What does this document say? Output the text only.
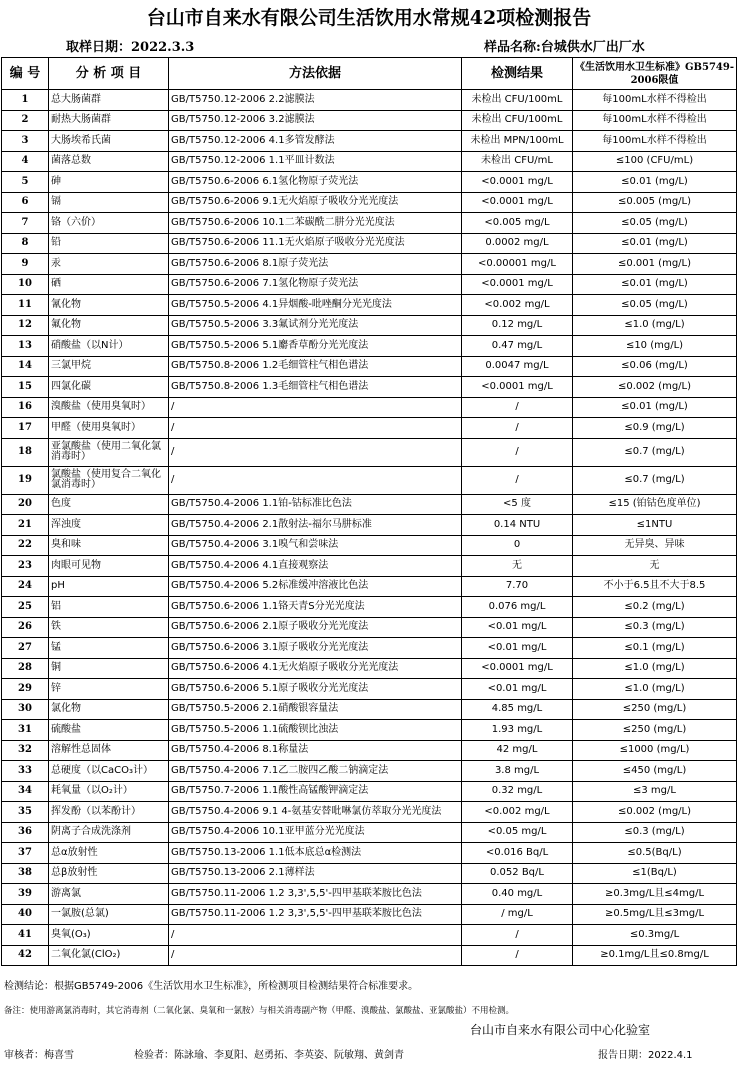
台山市自来水有限公司生活饮用水常规42项检测报告
取样日期：2022.3.3	样品名称:台城供水厂出厂水
编 号	分 析 项 目	方法依据	检测结果	《生活饮用水卫生标准》GB5749-2006限值
1	总大肠菌群	GB/T5750.12-2006 2.2滤膜法	未检出 CFU/100mL	每100mL水样不得检出
2	耐热大肠菌群	GB/T5750.12-2006 3.2滤膜法	未检出 CFU/100mL	每100mL水样不得检出
3	大肠埃希氏菌	GB/T5750.12-2006 4.1多管发酵法	未检出 MPN/100mL	每100mL水样不得检出
4	菌落总数	GB/T5750.12-2006 1.1平皿计数法	未检出 CFU/mL	≤100 (CFU/mL)
5	砷	GB/T5750.6-2006 6.1氢化物原子荧光法	<0.0001 mg/L	≤0.01 (mg/L)
6	镉	GB/T5750.6-2006 9.1无火焰原子吸收分光光度法	<0.0001 mg/L	≤0.005 (mg/L)
7	铬（六价）	GB/T5750.6-2006 10.1二苯碳酰二肼分光光度法	<0.005 mg/L	≤0.05 (mg/L)
8	铅	GB/T5750.6-2006 11.1无火焰原子吸收分光光度法	0.0002 mg/L	≤0.01 (mg/L)
9	汞	GB/T5750.6-2006 8.1原子荧光法	<0.00001 mg/L	≤0.001 (mg/L)
10	硒	GB/T5750.6-2006 7.1氢化物原子荧光法	<0.0001 mg/L	≤0.01 (mg/L)
11	氰化物	GB/T5750.5-2006 4.1异烟酸-吡唑酮分光光度法	<0.002 mg/L	≤0.05 (mg/L)
12	氟化物	GB/T5750.5-2006 3.3氟试剂分光光度法	0.12 mg/L	≤1.0 (mg/L)
13	硝酸盐（以N计）	GB/T5750.5-2006 5.1麝香草酚分光光度法	0.47 mg/L	≤10 (mg/L)
14	三氯甲烷	GB/T5750.8-2006 1.2毛细管柱气相色谱法	0.0047 mg/L	≤0.06 (mg/L)
15	四氯化碳	GB/T5750.8-2006 1.3毛细管柱气相色谱法	<0.0001 mg/L	≤0.002 (mg/L)
16	溴酸盐（使用臭氧时）	/	/	≤0.01 (mg/L)
17	甲醛（使用臭氧时）	/	/	≤0.9 (mg/L)
18	亚氯酸盐（使用二氧化氯消毒时）	/	/	≤0.7 (mg/L)
19	氯酸盐（使用复合二氧化氯消毒时）	/	/	≤0.7 (mg/L)
20	色度	GB/T5750.4-2006 1.1铂-钴标准比色法	<5 度	≤15 (铂钴色度单位)
21	浑浊度	GB/T5750.4-2006 2.1散射法-福尔马肼标准	0.14 NTU	≤1NTU
22	臭和味	GB/T5750.4-2006 3.1嗅气和尝味法	0	无异臭、异味
23	肉眼可见物	GB/T5750.4-2006 4.1直接观察法	无	无
24	pH	GB/T5750.4-2006 5.2标准缓冲溶液比色法	7.70	不小于6.5且不大于8.5
25	铝	GB/T5750.6-2006 1.1铬天青S分光光度法	0.076 mg/L	≤0.2 (mg/L)
26	铁	GB/T5750.6-2006 2.1原子吸收分光光度法	<0.01 mg/L	≤0.3 (mg/L)
27	锰	GB/T5750.6-2006 3.1原子吸收分光光度法	<0.01 mg/L	≤0.1 (mg/L)
28	铜	GB/T5750.6-2006 4.1无火焰原子吸收分光光度法	<0.0001 mg/L	≤1.0 (mg/L)
29	锌	GB/T5750.6-2006 5.1原子吸收分光光度法	<0.01 mg/L	≤1.0 (mg/L)
30	氯化物	GB/T5750.5-2006 2.1硝酸银容量法	4.85 mg/L	≤250 (mg/L)
31	硫酸盐	GB/T5750.5-2006 1.1硫酸钡比浊法	1.93 mg/L	≤250 (mg/L)
32	溶解性总固体	GB/T5750.4-2006 8.1称量法	42 mg/L	≤1000 (mg/L)
33	总硬度（以CaCO₃计）	GB/T5750.4-2006 7.1乙二胺四乙酸二钠滴定法	3.8 mg/L	≤450 (mg/L)
34	耗氧量（以O₂计）	GB/T5750.7-2006 1.1酸性高锰酸钾滴定法	0.32 mg/L	≤3 mg/L
35	挥发酚（以苯酚计）	GB/T5750.4-2006 9.1 4-氨基安替吡啉氯仿萃取分光光度法	<0.002 mg/L	≤0.002 (mg/L)
36	阴离子合成洗涤剂	GB/T5750.4-2006 10.1亚甲蓝分光光度法	<0.05 mg/L	≤0.3 (mg/L)
37	总α放射性	GB/T5750.13-2006 1.1低本底总α检测法	<0.016 Bq/L	≤0.5(Bq/L)
38	总β放射性	GB/T5750.13-2006 2.1薄样法	0.052 Bq/L	≤1(Bq/L)
39	游离氯	GB/T5750.11-2006 1.2 3,3',5,5'-四甲基联苯胺比色法	0.40 mg/L	≥0.3mg/L且≤4mg/L
40	一氯胺(总氯)	GB/T5750.11-2006 1.2 3,3',5,5'-四甲基联苯胺比色法	/ mg/L	≥0.5mg/L且≤3mg/L
41	臭氧(O₃)	/	/	≤0.3mg/L
42	二氧化氯(ClO₂)	/	/	≥0.1mg/L且≤0.8mg/L
检测结论：根据GB5749-2006《生活饮用水卫生标准》，所检测项目检测结果符合标准要求。
备注：使用游离氯消毒时，其它消毒剂（二氧化氯、臭氧和一氯胺）与相关消毒副产物（甲醛、溴酸盐、氯酸盐、亚氯酸盐）不用检测。
台山市自来水有限公司中心化验室
审核者：梅喜雪	检验者：陈詠瑜、李夏阳、赵勇拓、李英姿、阮敏翔、黄剑青	报告日期：2022.4.1
